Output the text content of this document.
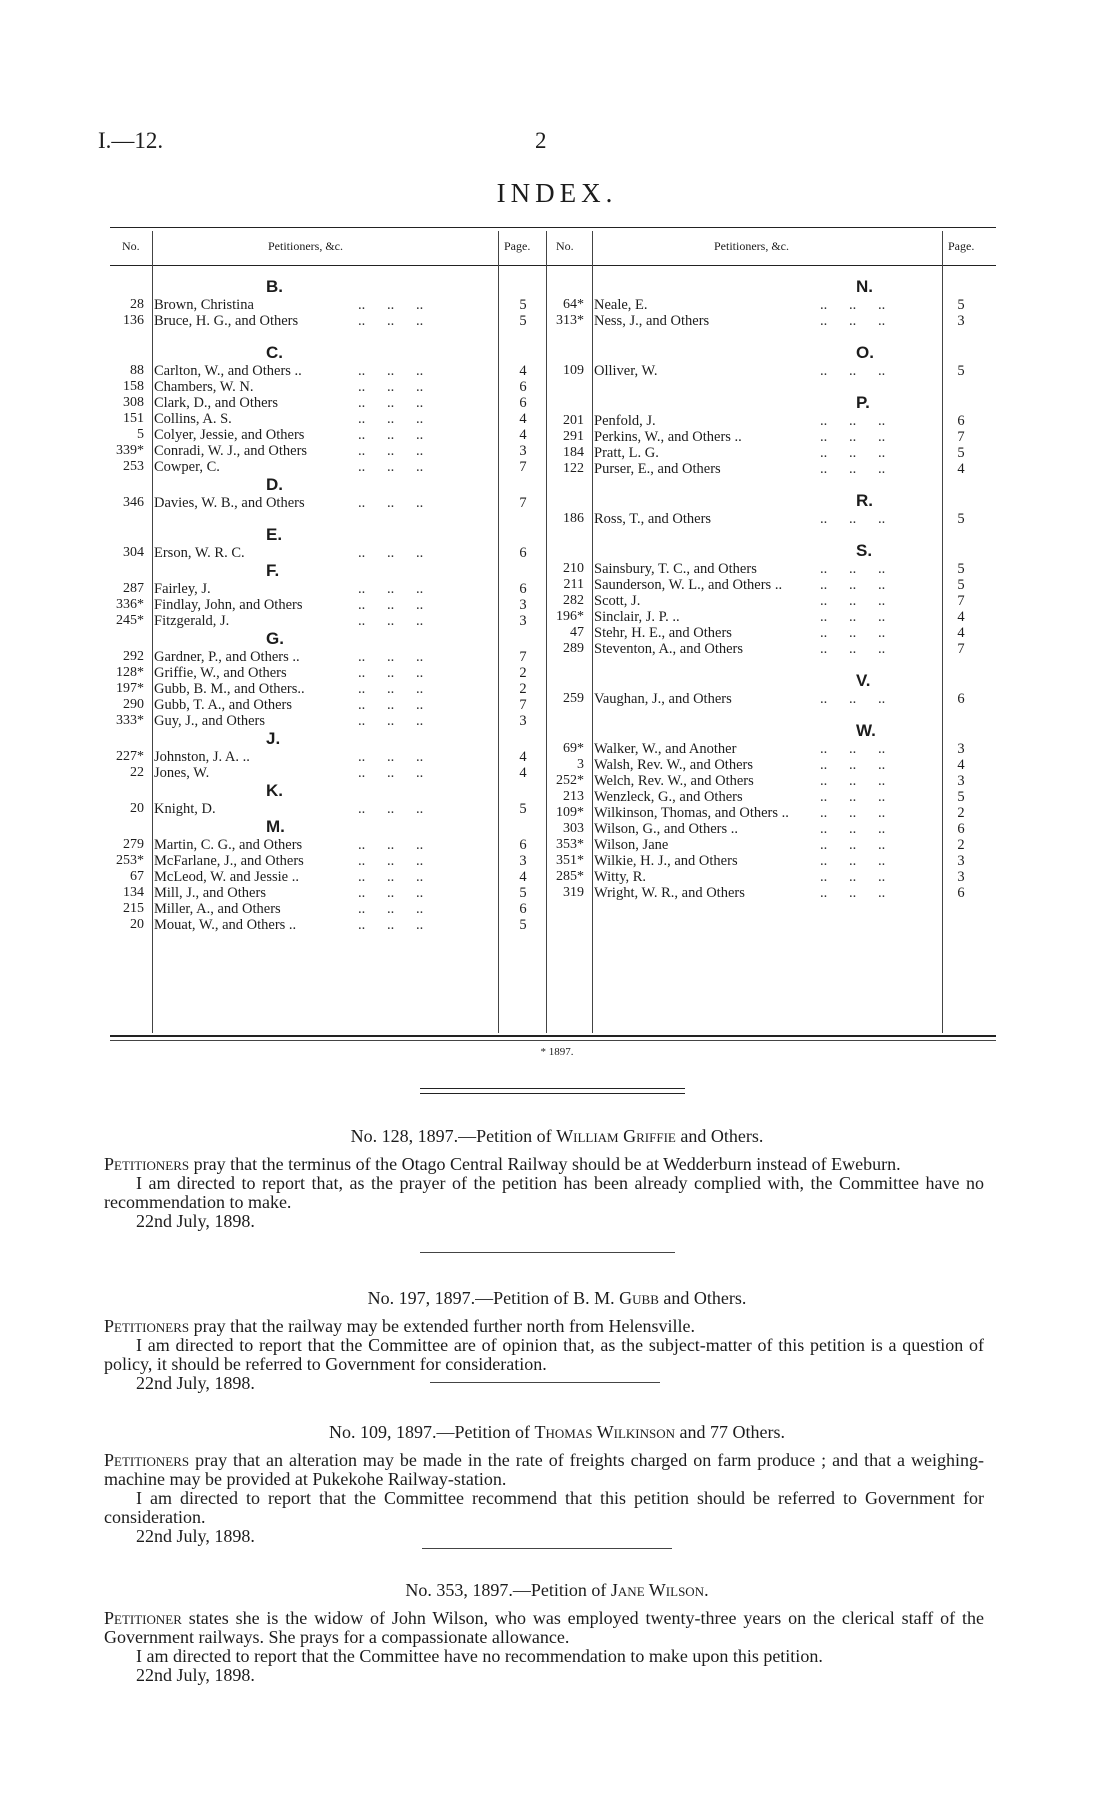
I.—12.	2
INDEX.
No.	Petitioners, &c.	Page. No.	Petitioners, &c.	Page.
B.
28 Brown, Christina	..      ..      ..	5
136 Bruce, H. G., and Others	..      ..      ..	5
C.
88 Carlton, W., and Others ..	..      ..      ..	4
158 Chambers, W. N.	..      ..      ..	6
308 Clark, D., and Others	..      ..      ..	6
151 Collins, A. S.	..      ..      ..	4
5 Colyer, Jessie, and Others	..      ..      ..	4
339* Conradi, W. J., and Others	..      ..      ..	3
253 Cowper, C.	..      ..      ..	7
D.
346 Davies, W. B., and Others	..      ..      ..	7
E.
304 Erson, W. R. C.	..      ..      ..	6
F.
287 Fairley, J.	..      ..      ..	6
336* Findlay, John, and Others	..      ..      ..	3
245* Fitzgerald, J.	..      ..      ..	3
G.
292 Gardner, P., and Others ..	..      ..      ..	7
128* Griffie, W., and Others	..      ..      ..	2
197* Gubb, B. M., and Others..	..      ..      ..	2
290 Gubb, T. A., and Others	..      ..      ..	7
333* Guy, J., and Others	..      ..      ..	3
J.
227* Johnston, J. A. ..	..      ..      ..	4
22 Jones, W.	..      ..      ..	4
K.
20 Knight, D.	..      ..      ..	5
M.
279 Martin, C. G., and Others	..      ..      ..	6
253* McFarlane, J., and Others	..      ..      ..	3
67 McLeod, W. and Jessie ..	..      ..      ..	4
134 Mill, J., and Others	..      ..      ..	5
215 Miller, A., and Others	..      ..      ..	6
20 Mouat, W., and Others ..	..      ..      ..	5
N.
64* Neale, E.	..      ..      ..	5
313* Ness, J., and Others	..      ..      ..	3
O.
109 Olliver, W.	..      ..      ..	5
P.
201 Penfold, J.	..      ..      ..	6
291 Perkins, W., and Others ..	..      ..      ..	7
184 Pratt, L. G.	..      ..      ..	5
122 Purser, E., and Others	..      ..      ..	4
R.
186 Ross, T., and Others	..      ..      ..	5
S.
210 Sainsbury, T. C., and Others	..      ..      ..	5
211 Saunderson, W. L., and Others ..	..      ..      ..	5
282 Scott, J.	..      ..      ..	7
196* Sinclair, J. P. ..	..      ..      ..	4
47 Stehr, H. E., and Others	..      ..      ..	4
289 Steventon, A., and Others	..      ..      ..	7
V.
259 Vaughan, J., and Others	..      ..      ..	6
W.
69* Walker, W., and Another	..      ..      ..	3
3 Walsh, Rev. W., and Others	..      ..      ..	4
252* Welch, Rev. W., and Others	..      ..      ..	3
213 Wenzleck, G., and Others	..      ..      ..	5
109* Wilkinson, Thomas, and Others .. ..      ..      ..	2
303 Wilson, G., and Others ..	..      ..      ..	6
353* Wilson, Jane	..      ..      ..	2
351* Wilkie, H. J., and Others	..      ..      ..	3
285* Witty, R.	..      ..      ..	3
319 Wright, W. R., and Others	..      ..      ..	6
* 1897.
No. 128, 1897.—Petition of William Griffie and Others.

Petitioners pray that the terminus of the Otago Central Railway should be at Wedderburn instead of Eweburn.

I am directed to report that, as the prayer of the petition has been already complied with, the Committee have no recommendation to make.

22nd July, 1898.

No. 197, 1897.—Petition of B. M. Gubb and Others.

Petitioners pray that the railway may be extended further north from Helensville.

I am directed to report that the Committee are of opinion that, as the subject-matter of this petition is a question of policy, it should be referred to Government for consideration.

22nd July, 1898.

No. 109, 1897.—Petition of Thomas Wilkinson and 77 Others.

Petitioners pray that an alteration may be made in the rate of freights charged on farm produce ; and that a weighing-machine may be provided at Pukekohe Railway-station.

I am directed to report that the Committee recommend that this petition should be referred to Government for consideration.

22nd July, 1898.

No. 353, 1897.—Petition of Jane Wilson.

Petitioner states she is the widow of John Wilson, who was employed twenty-three years on the clerical staff of the Government railways. She prays for a compassionate allowance.

I am directed to report that the Committee have no recommendation to make upon this petition.

22nd July, 1898.
